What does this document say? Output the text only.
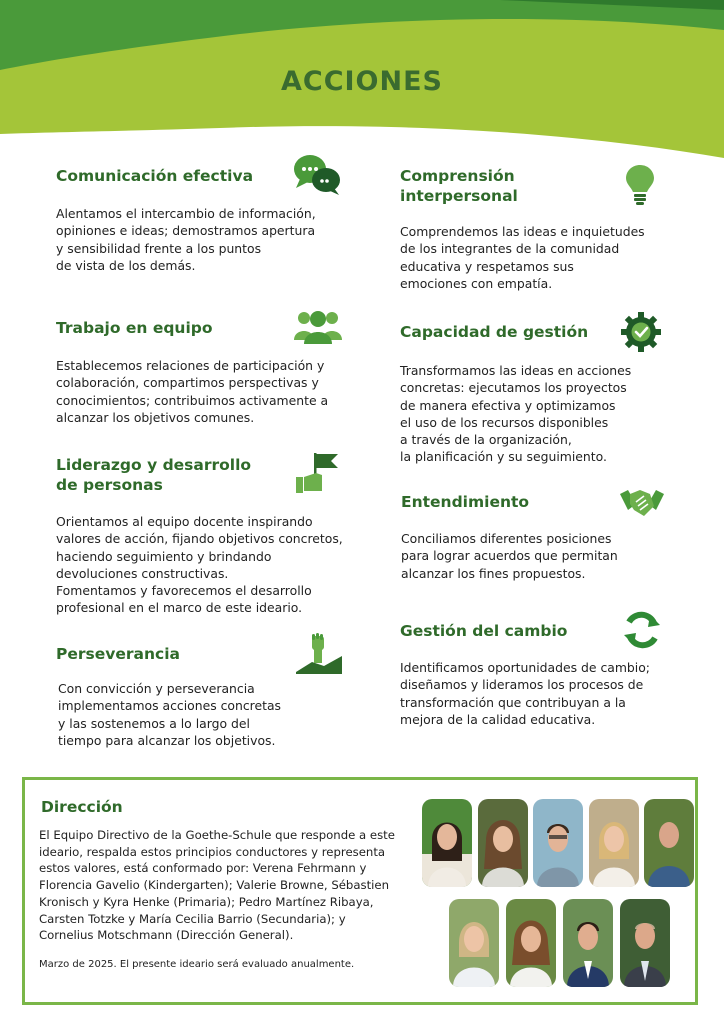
ACCIONES
Comunicación efectiva

Alentamos el intercambio de información,
opiniones e ideas; demostramos apertura
y sensibilidad frente a los puntos
de vista de los demás.

Trabajo en equipo

Establecemos relaciones de participación y
colaboración, compartimos perspectivas y
conocimientos; contribuimos activamente a
alcanzar los objetivos comunes.

Liderazgo y desarrollo
de personas

Orientamos al equipo docente inspirando
valores de acción, fijando objetivos concretos,
haciendo seguimiento y brindando
devoluciones constructivas.
Fomentamos y favorecemos el desarrollo
profesional en el marco de este ideario.

Perseverancia

Con convicción y perseverancia
implementamos acciones concretas
y las sostenemos a lo largo del
tiempo para alcanzar los objetivos.

Comprensión
interpersonal

Comprendemos las ideas e inquietudes
de los integrantes de la comunidad
educativa y respetamos sus
emociones con empatía.

Capacidad de gestión

Transformamos las ideas en acciones
concretas: ejecutamos los proyectos
de manera efectiva y optimizamos
el uso de los recursos disponibles
a través de la organización,
la planificación y su seguimiento.

Entendimiento

Conciliamos diferentes posiciones
para lograr acuerdos que permitan
alcanzar los fines propuestos.

Gestión del cambio

Identificamos oportunidades de cambio;
diseñamos y lideramos los procesos de
transformación que contribuyan a la
mejora de la calidad educativa.

Dirección
El Equipo Directivo de la Goethe-Schule que responde a este
ideario, respalda estos principios conductores y representa
estos valores, está conformado por: Verena Fehrmann y
Florencia Gavelio (Kindergarten); Valerie Browne, Sébastien
Kronisch y Kyra Henke (Primaria); Pedro Martínez Ribaya,
Carsten Totzke y María Cecilia Barrio (Secundaria); y
Cornelius Motschmann (Dirección General).
Marzo de 2025. El presente ideario será evaluado anualmente.
